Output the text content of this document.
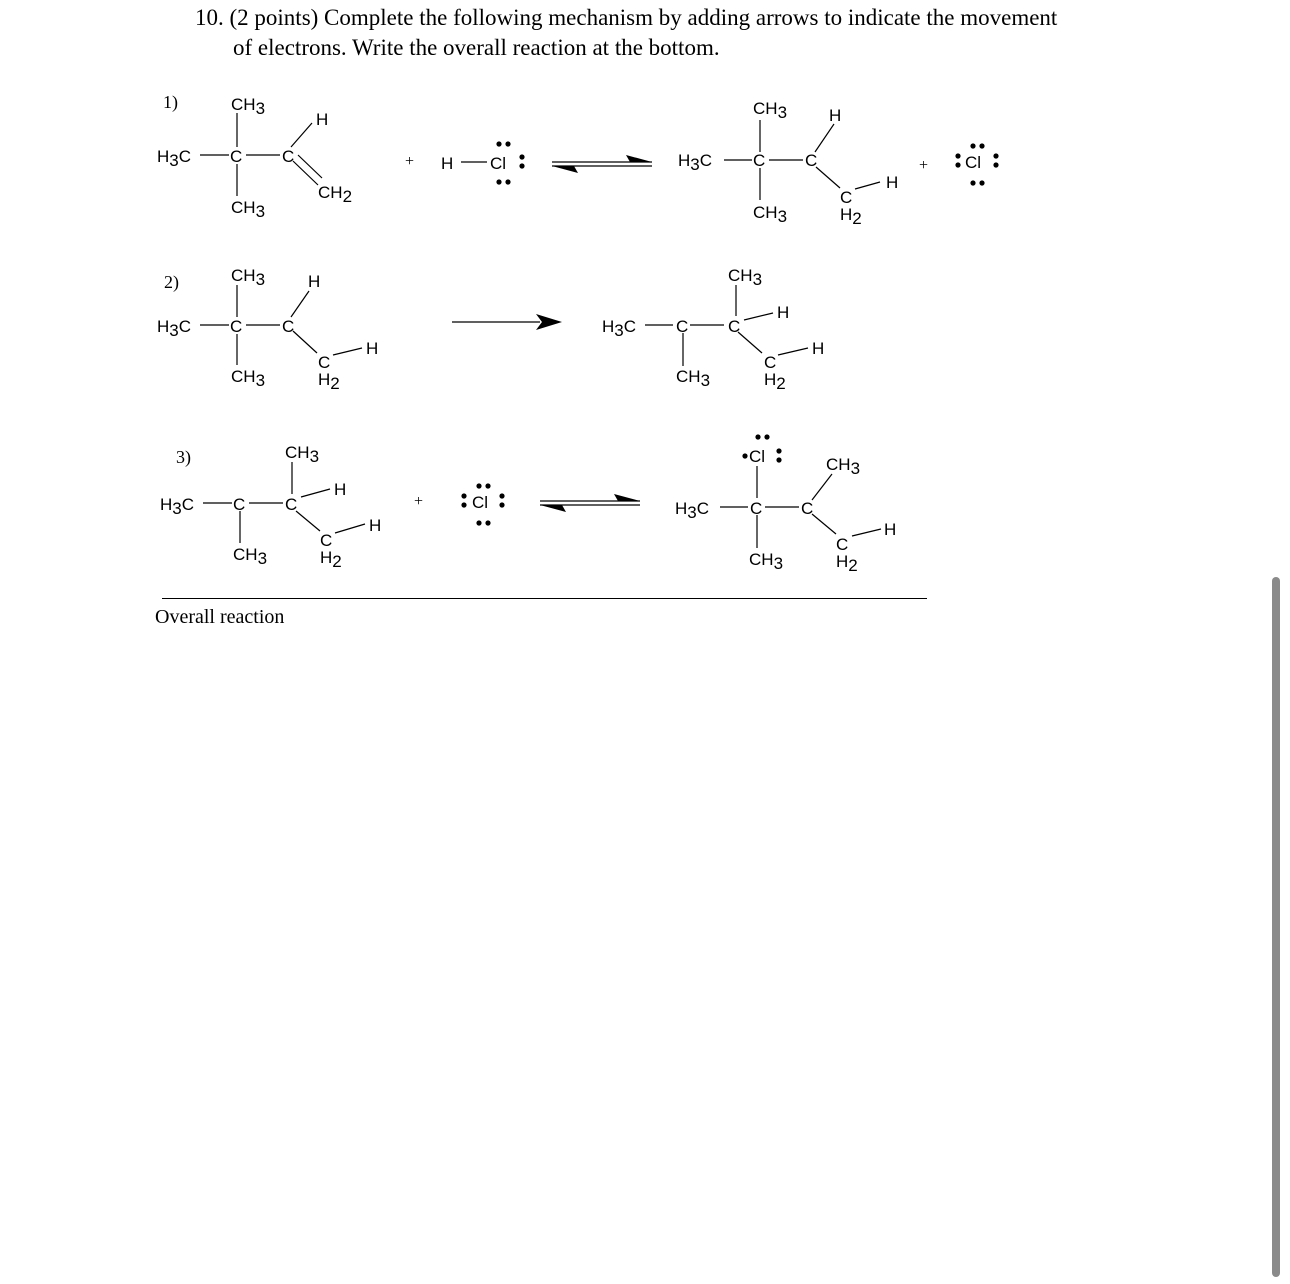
10. (2 points) Complete the following mechanism by adding arrows to indicate the movement
of electrons. Write the overall reaction at the bottom.
1)
2)
3)
CH3
H
H3C C C
CH3
CH2
+ H Cl
CH3 H
H3C C C
CH3
C
H2
H
+ Cl
CH3	H
H3C C C
CH3
C
H2
H
CH3
H
H3C C C
CH3
C
H2
H
CH3
H
H3C C C
CH3
C
H2
H
+	Cl
Cl	CH3
H3C C C
CH3
C
H2
H
Overall reaction
